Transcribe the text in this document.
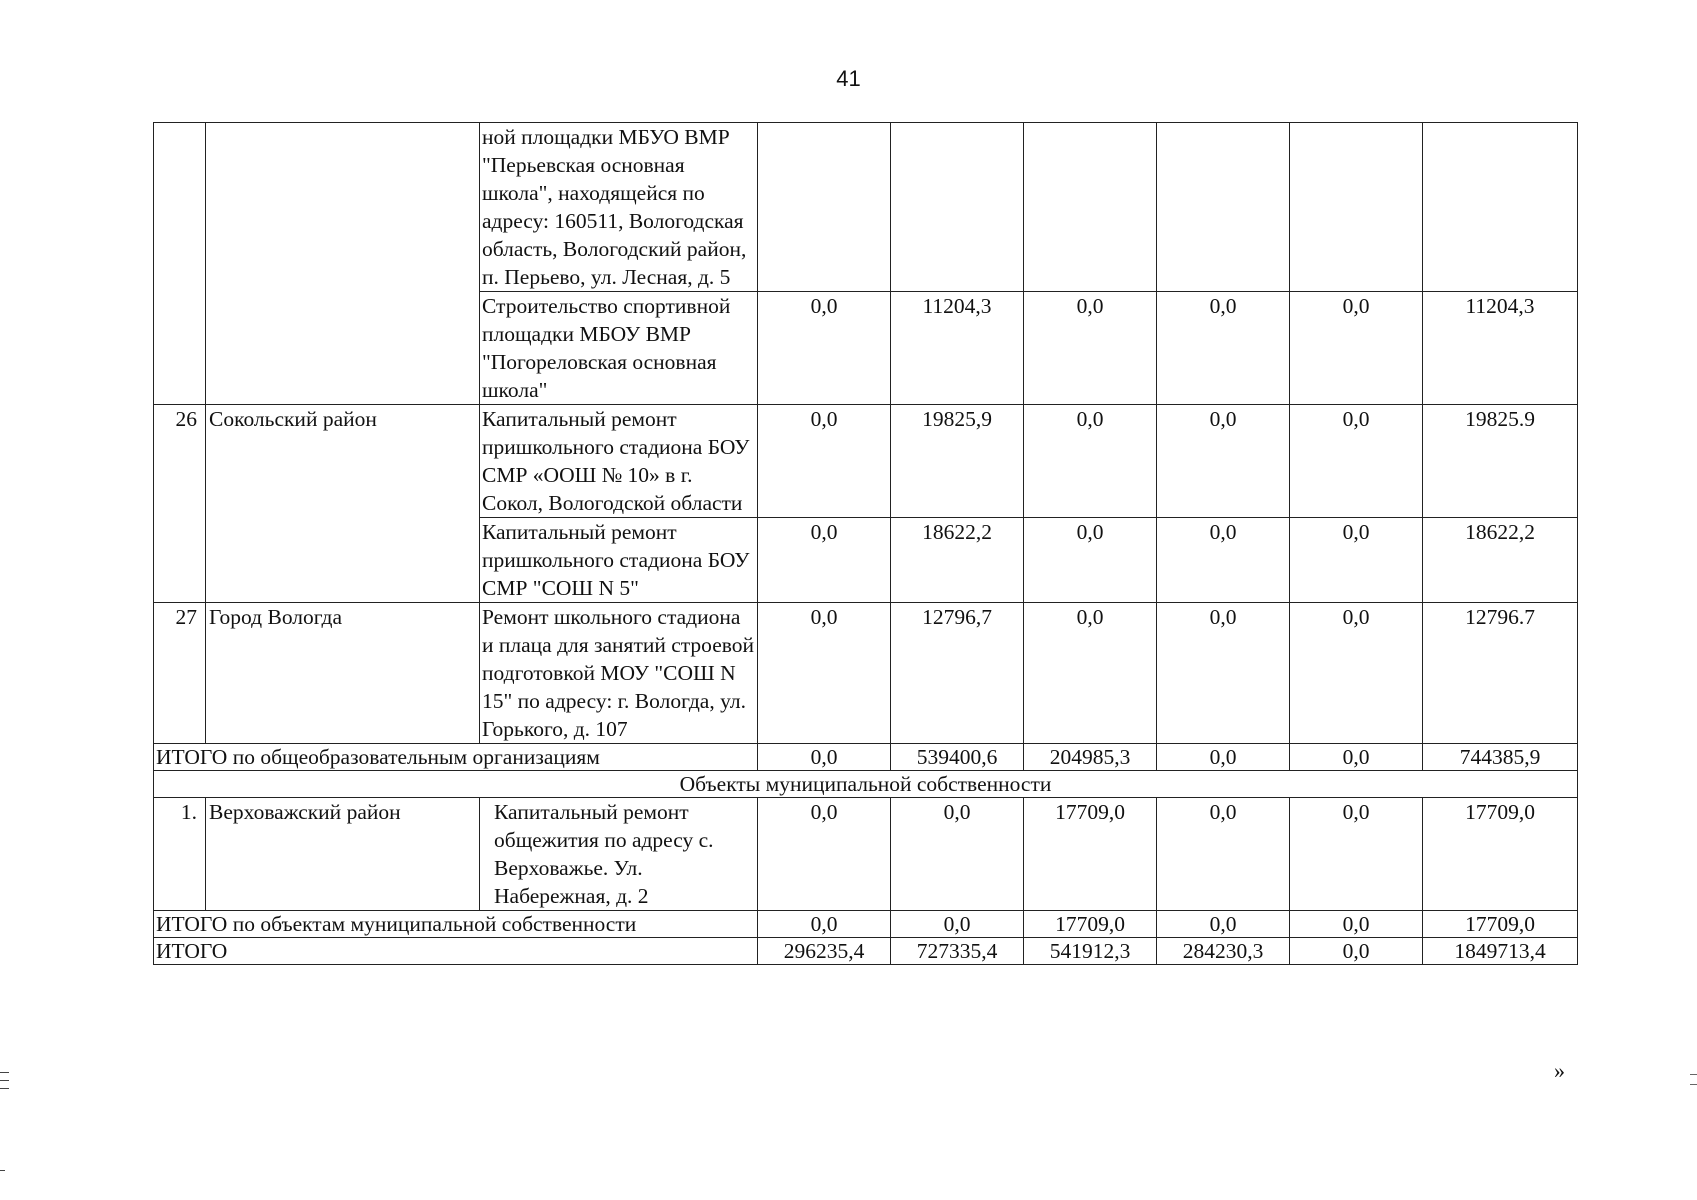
41
		ной площадки МБУО ВМР "Перьевская основная школа", находящейся по адресу: 160511, Вологодская область, Вологодский район, п. Перьево, ул. Лесная, д. 5						
		Строительство спортивной площадки МБОУ ВМР "Погореловская основная школа"	0,0	11204,3	0,0	0,0	0,0	11204,3
26	Сокольский район	Капитальный ремонт пришкольного стадиона БОУ СМР «ООШ № 10» в г. Сокол, Вологодской области	0,0	19825,9	0,0	0,0	0,0	19825.9
		Капитальный ремонт пришкольного стадиона БОУ СМР "СОШ N 5"	0,0	18622,2	0,0	0,0	0,0	18622,2
27	Город Вологда	Ремонт школьного стадиона и плаца для занятий строевой подготовкой МОУ "СОШ N 15" по адресу: г. Вологда, ул. Горького, д. 107	0,0	12796,7	0,0	0,0	0,0	12796.7
ИТОГО по общеобразовательным организациям			0,0	539400,6	204985,3	0,0	0,0	744385,9
Объекты муниципальной собственности								
1.	Верховажский район	Капитальный ремонт общежития по адресу с. Верховажье. Ул. Набережная, д. 2	0,0	0,0	17709,0	0,0	0,0	17709,0
ИТОГО по объектам муниципальной собственности			0,0	0,0	17709,0	0,0	0,0	17709,0
ИТОГО			296235,4	727335,4	541912,3	284230,3	0,0	1849713,4
»
